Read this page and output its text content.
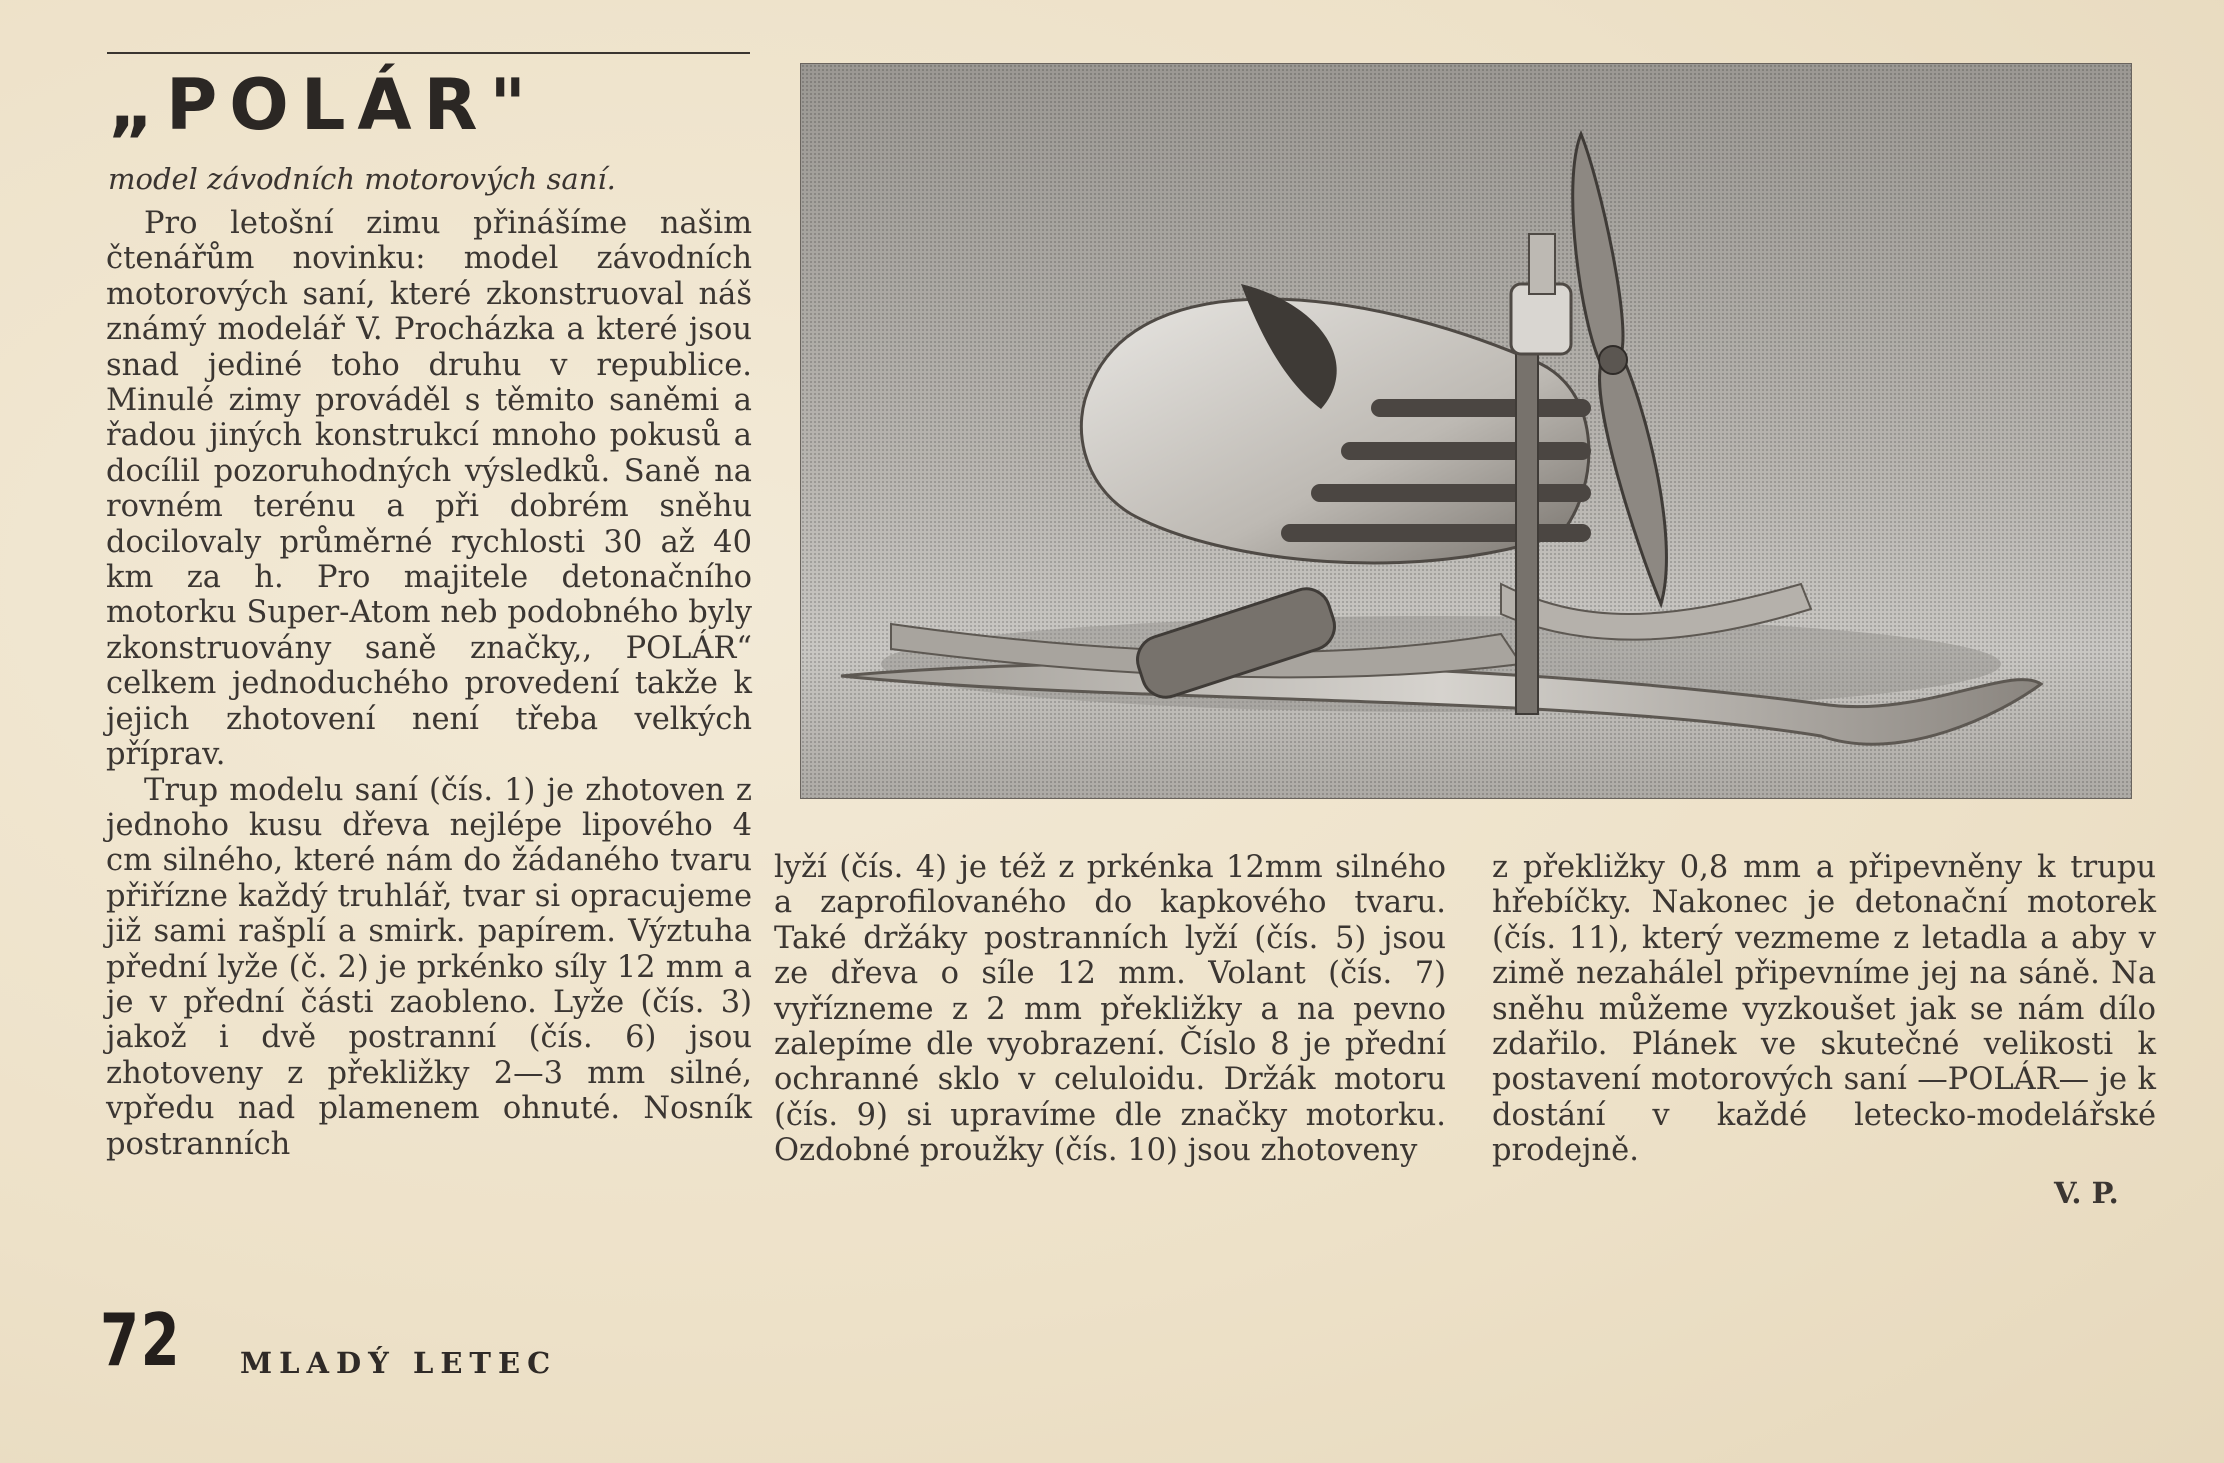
„POLÁR"

model závodních motorových saní.

Pro letošní zimu přinášíme našim čtenářům novinku: model závodních motorových saní, které zkonstruoval náš známý modelář V. Procházka a které jsou snad jediné toho druhu v republice. Minulé zimy prováděl s těmito saněmi a řadou jiných konstrukcí mnoho pokusů a docílil pozoruhodných výsledků. Saně na rovném terénu a při dobrém sněhu docilovaly průměrné rychlosti 30 až 40 km za h. Pro majitele detonačního motorku Super-Atom neb podobného byly zkonstruovány saně značky,, POLÁR“ celkem jednoduchého provedení takže k jejich zhotovení není třeba velkých příprav.

Trup modelu saní (čís. 1) je zhotoven z jednoho kusu dřeva nejlépe lipového 4 cm silného, které nám do žádaného tvaru přiřízne každý truhlář, tvar si opracujeme již sami rašplí a smirk. papírem. Výztuha přední lyže (č. 2) je prkénko síly 12 mm a je v přední části zaobleno. Lyže (čís. 3) jakož i dvě postranní (čís. 6) jsou zhotoveny z překližky 2—3 mm silné, vpředu nad plamenem ohnuté. Nosník postranních

lyží (čís. 4) je též z prkénka 12mm silného a zaprofilovaného do kapkového tvaru. Také držáky postranních lyží (čís. 5) jsou ze dřeva o síle 12 mm. Volant (čís. 7) vyřízneme z 2 mm překližky a na pevno zalepíme dle vyobrazení. Číslo 8 je přední ochranné sklo v celuloidu. Držák motoru (čís. 9) si upravíme dle značky motorku. Ozdobné proužky (čís. 10) jsou zhotoveny

z překližky 0,8 mm a připevněny k trupu hřebíčky. Nakonec je detonační motorek (čís. 11), který vezmeme z letadla a aby v zimě nezahálel připevníme jej na sáně. Na sněhu můžeme vyzkoušet jak se nám dílo zdařilo. Plánek ve skutečné velikosti k postavení motorových saní —POLÁR— je k dostání v každé letecko-modelářské prodejně.

V. P.

72 MLADÝ LETEC
